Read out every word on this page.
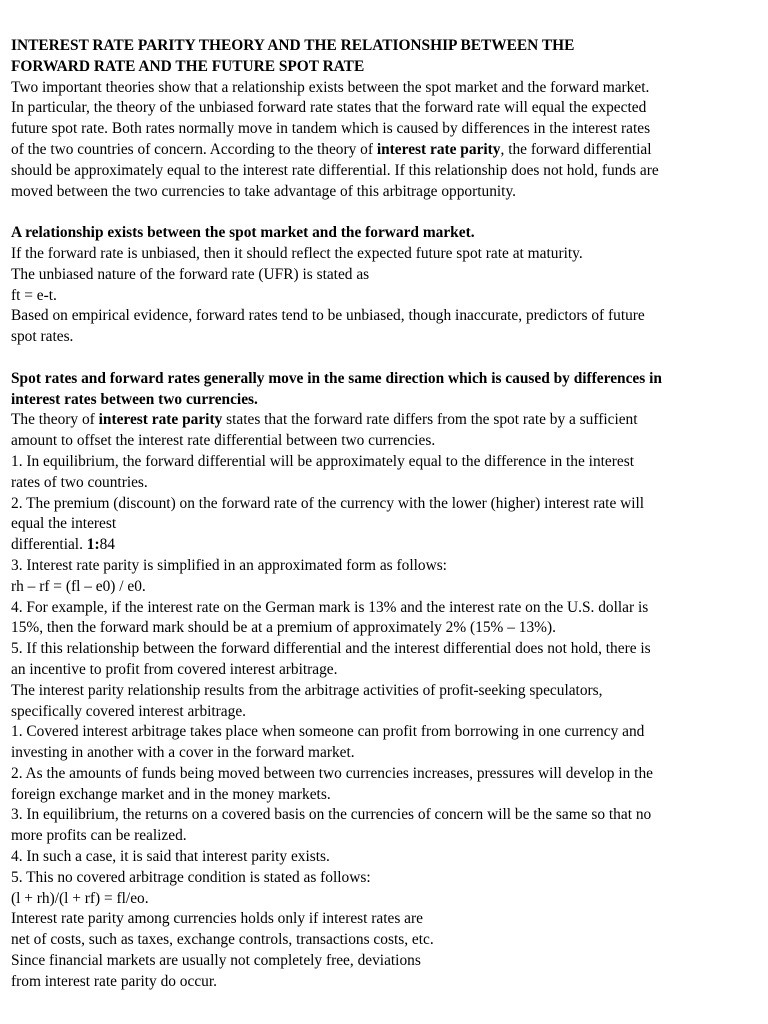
INTEREST RATE PARITY THEORY AND THE RELATIONSHIP BETWEEN THE
FORWARD RATE AND THE FUTURE SPOT RATE
Two important theories show that a relationship exists between the spot market and the forward market.
In particular, the theory of the unbiased forward rate states that the forward rate will equal the expected
future spot rate. Both rates normally move in tandem which is caused by differences in the interest rates
of the two countries of concern. According to the theory of interest rate parity, the forward differential
should be approximately equal to the interest rate differential. If this relationship does not hold, funds are
moved between the two currencies to take advantage of this arbitrage opportunity.
A relationship exists between the spot market and the forward market.
If the forward rate is unbiased, then it should reflect the expected future spot rate at maturity.
The unbiased nature of the forward rate (UFR) is stated as
ft = e-t.
Based on empirical evidence, forward rates tend to be unbiased, though inaccurate, predictors of future
spot rates.
Spot rates and forward rates generally move in the same direction which is caused by differences in
interest rates between two currencies.
The theory of interest rate parity states that the forward rate differs from the spot rate by a sufficient
amount to offset the interest rate differential between two currencies.
1. In equilibrium, the forward differential will be approximately equal to the difference in the interest
rates of two countries.
2. The premium (discount) on the forward rate of the currency with the lower (higher) interest rate will
equal the interest
differential. 1:84
3. Interest rate parity is simplified in an approximated form as follows:
rh – rf = (fl – e0) / e0.
4. For example, if the interest rate on the German mark is 13% and the interest rate on the U.S. dollar is
15%, then the forward mark should be at a premium of approximately 2% (15% – 13%).
5. If this relationship between the forward differential and the interest differential does not hold, there is
an incentive to profit from covered interest arbitrage.
The interest parity relationship results from the arbitrage activities of profit-seeking speculators,
specifically covered interest arbitrage.
1. Covered interest arbitrage takes place when someone can profit from borrowing in one currency and
investing in another with a cover in the forward market.
2. As the amounts of funds being moved between two currencies increases, pressures will develop in the
foreign exchange market and in the money markets.
3. In equilibrium, the returns on a covered basis on the currencies of concern will be the same so that no
more profits can be realized.
4. In such a case, it is said that interest parity exists.
5. This no covered arbitrage condition is stated as follows:
(l + rh)/(l + rf) = fl/eo.
Interest rate parity among currencies holds only if interest rates are
net of costs, such as taxes, exchange controls, transactions costs, etc.
Since financial markets are usually not completely free, deviations
from interest rate parity do occur.
